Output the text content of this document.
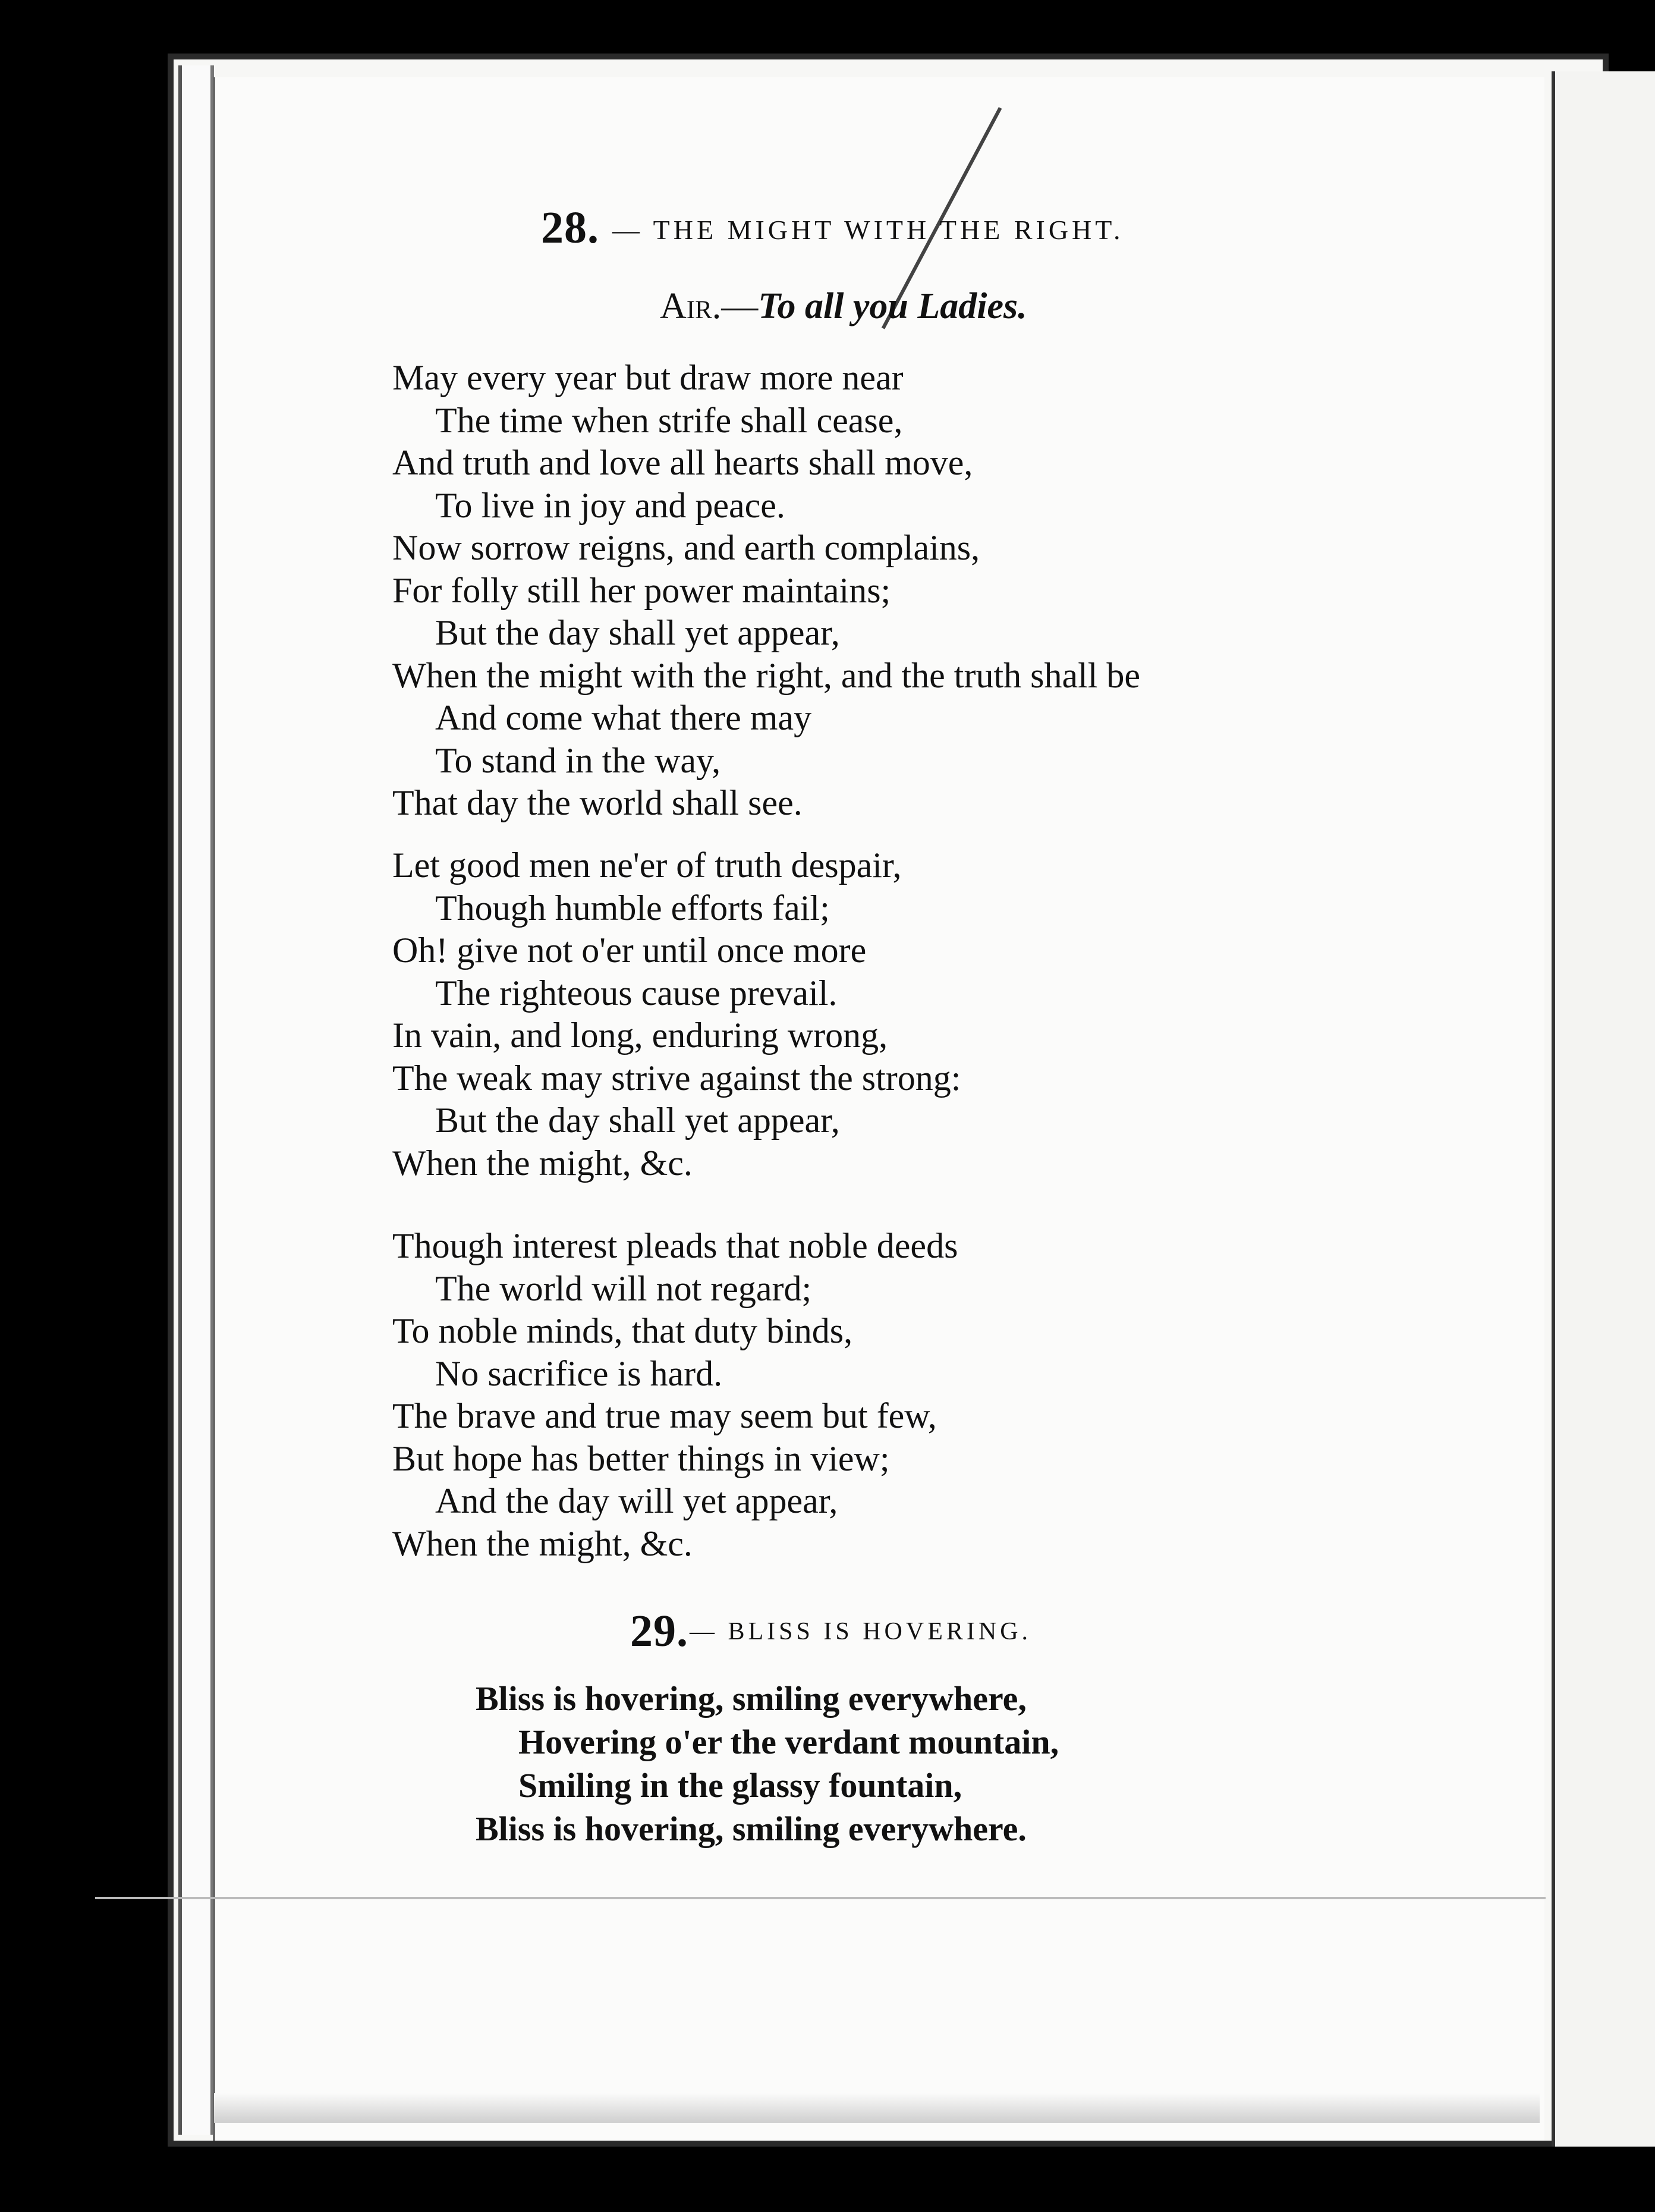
28. — THE MIGHT WITH THE RIGHT.
Air.—To all you Ladies.
May every year but draw more near
The time when strife shall cease,
And truth and love all hearts shall move,
To live in joy and peace.
Now sorrow reigns, and earth complains,
For folly still her power maintains;
But the day shall yet appear,
When the might with the right, and the truth shall be
And come what there may
To stand in the way,
That day the world shall see.
Let good men ne'er of truth despair,
Though humble efforts fail;
Oh! give not o'er until once more
The righteous cause prevail.
In vain, and long, enduring wrong,
The weak may strive against the strong:
But the day shall yet appear,
When the might, &c.
Though interest pleads that noble deeds
The world will not regard;
To noble minds, that duty binds,
No sacrifice is hard.
The brave and true may seem but few,
But hope has better things in view;
And the day will yet appear,
When the might, &c.
29. — BLISS IS HOVERING.
Bliss is hovering, smiling everywhere,
Hovering o'er the verdant mountain,
Smiling in the glassy fountain,
Bliss is hovering, smiling everywhere.
